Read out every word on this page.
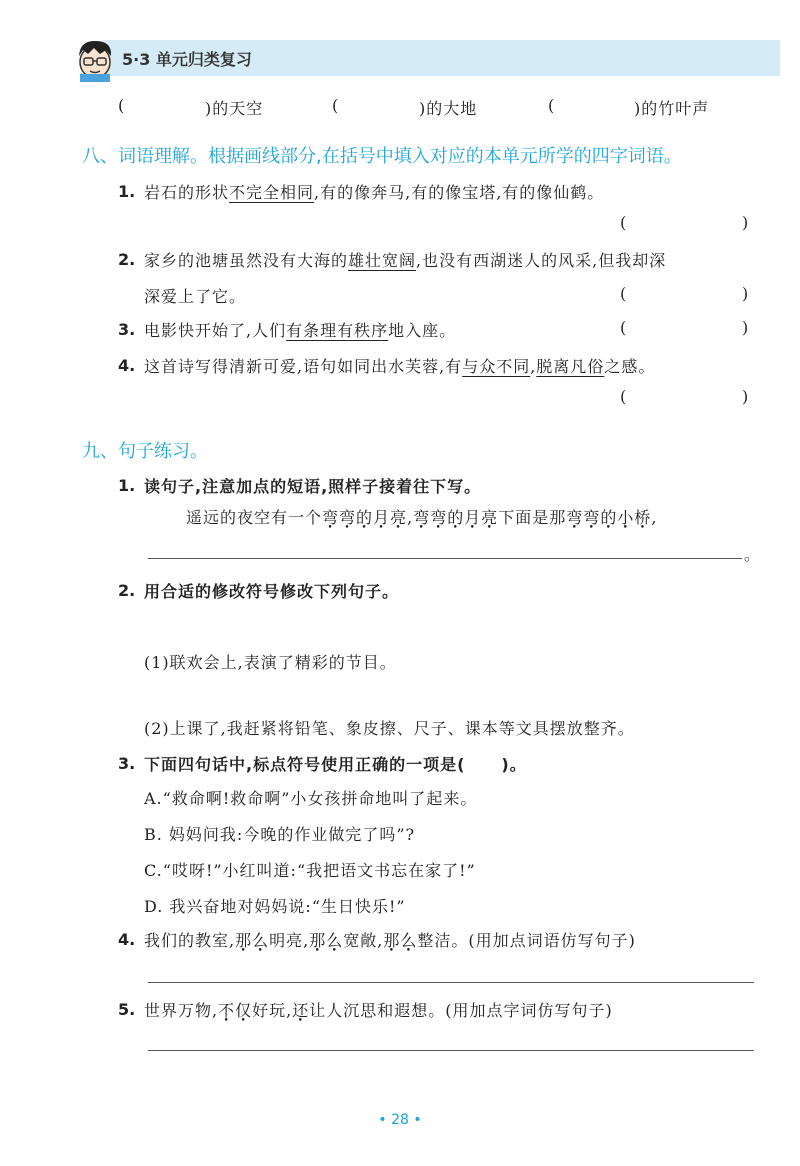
5·3 单元归类复习
(	)的天空	(	)的大地	(	)的竹叶声
八、词语理解。根据画线部分,在括号中填入对应的本单元所学的四字词语。
1. 岩石的形状不完全相同,有的像奔马,有的像宝塔,有的像仙鹤。
(	)
2. 家乡的池塘虽然没有大海的雄壮宽阔,也没有西湖迷人的风采,但我却深
深爱上了它。	(	)
3. 电影快开始了,人们有条理有秩序地入座。	(	)
4. 这首诗写得清新可爱,语句如同出水芙蓉,有与众不同,脱离凡俗之感。
(	)
九、句子练习。
1. 读句子,注意加点的短语,照样子接着往下写。
遥远的夜空有一个弯弯的月亮,弯弯的月亮下面是那弯弯的小桥,
。
2. 用合适的修改符号修改下列句子。
(1)联欢会上,表演了精彩的节目。
(2)上课了,我赶紧将铅笔、象皮擦、尺子、课本等文具摆放整齐。
3. 下面四句话中,标点符号使用正确的一项是( )。
A.“救命啊!救命啊”小女孩拼命地叫了起来。
B. 妈妈问我:今晚的作业做完了吗”?
C.“哎呀!”小红叫道:“我把语文书忘在家了!”
D. 我兴奋地对妈妈说:“生日快乐!”
4. 我们的教室,那么明亮,那么宽敞,那么整洁。(用加点词语仿写句子)
5. 世界万物,不仅好玩,还让人沉思和遐想。(用加点字词仿写句子)
• 28 •
